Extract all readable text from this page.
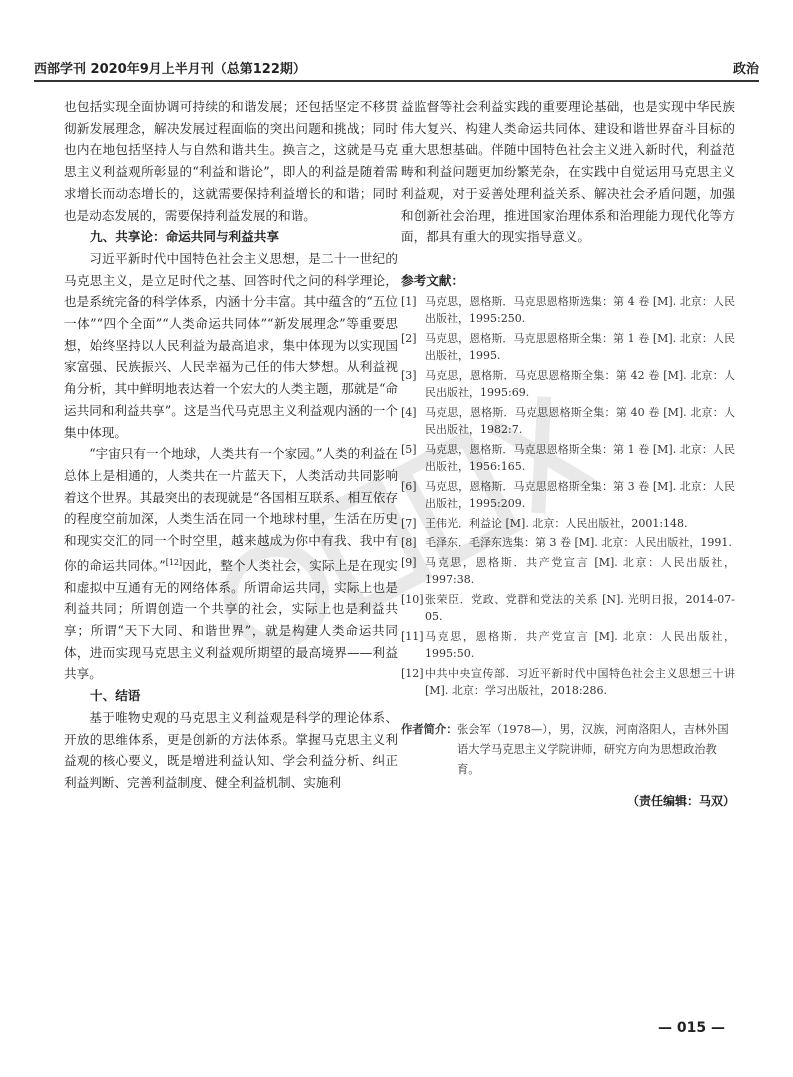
西部学刊 2020年9月上半月刊（总第122期）	政治

也包括实现全面协调可持续的和谐发展；还包括坚定不移贯彻新发展理念，解决发展过程面临的突出问题和挑战；同时也内在地包括坚持人与自然和谐共生。换言之，这就是马克思主义利益观所彰显的“利益和谐论”，即人的利益是随着需求增长而动态增长的，这就需要保持利益增长的和谐；同时也是动态发展的，需要保持利益发展的和谐。

九、共享论：命运共同与利益共享

习近平新时代中国特色社会主义思想，是二十一世纪的马克思主义，是立足时代之基、回答时代之问的科学理论，也是系统完备的科学体系，内涵十分丰富。其中蕴含的“五位一体”“四个全面”“人类命运共同体”“新发展理念”等重要思想，始终坚持以人民利益为最高追求，集中体现为以实现国家富强、民族振兴、人民幸福为己任的伟大梦想。从利益视角分析，其中鲜明地表达着一个宏大的人类主题，那就是“命运共同和利益共享”。这是当代马克思主义利益观内涵的一个集中体现。

“宇宙只有一个地球，人类共有一个家园。”人类的利益在总体上是相通的，人类共在一片蓝天下，人类活动共同影响着这个世界。其最突出的表现就是“各国相互联系、相互依存的程度空前加深，人类生活在同一个地球村里，生活在历史和现实交汇的同一个时空里，越来越成为你中有我、我中有你的命运共同体。”[12]因此，整个人类社会，实际上是在现实和虚拟中互通有无的网络体系。所谓命运共同，实际上也是利益共同；所谓创造一个共享的社会，实际上也是利益共享；所谓“天下大同、和谐世界”，就是构建人类命运共同体，进而实现马克思主义利益观所期望的最高境界——利益共享。

十、结语

基于唯物史观的马克思主义利益观是科学的理论体系、开放的思维体系，更是创新的方法体系。掌握马克思主义利益观的核心要义，既是增进利益认知、学会利益分析、纠正利益判断、完善利益制度、健全利益机制、实施利

益监督等社会利益实践的重要理论基础，也是实现中华民族伟大复兴、构建人类命运共同体、建设和谐世界奋斗目标的重大思想基础。伴随中国特色社会主义进入新时代，利益范畴和利益问题更加纷繁芜杂，在实践中自觉运用马克思主义利益观，对于妥善处理利益关系、解决社会矛盾问题，加强和创新社会治理，推进国家治理体系和治理能力现代化等方面，都具有重大的现实指导意义。

参考文献：
[1] 马克思，恩格斯．马克思恩格斯选集：第 4 卷 [M]. 北京：人民出版社，1995:250.
[2] 马克思，恩格斯．马克思恩格斯全集：第 1 卷 [M]. 北京：人民出版社，1995.
[3] 马克思，恩格斯．马克思恩格斯全集：第 42 卷 [M]. 北京：人民出版社，1995:69.
[4] 马克思，恩格斯．马克思恩格斯全集：第 40 卷 [M]. 北京：人民出版社，1982:7.
[5] 马克思，恩格斯．马克思恩格斯全集：第 1 卷 [M]. 北京：人民出版社，1956:165.
[6] 马克思，恩格斯．马克思恩格斯全集：第 3 卷 [M]. 北京：人民出版社，1995:209.
[7] 王伟光．利益论 [M]. 北京：人民出版社，2001:148.
[8] 毛泽东．毛泽东选集：第 3 卷 [M]. 北京：人民出版社，1991.
[9] 马克思，恩格斯．共产党宣言 [M]. 北京：人民出版社，1997:38.
[10] 张荣臣．党政、党群和党法的关系 [N]. 光明日报，2014-07-05.
[11] 马克思，恩格斯．共产党宣言 [M]. 北京：人民出版社，1995:50.
[12] 中共中央宣传部．习近平新时代中国特色社会主义思想三十讲 [M]. 北京：学习出版社，2018:286.
作者简介： 张会军（1978—），男，汉族，河南洛阳人，吉林外国语大学马克思主义学院讲师，研究方向为思想政治教育。
（责任编辑：马双）
— 015 —
